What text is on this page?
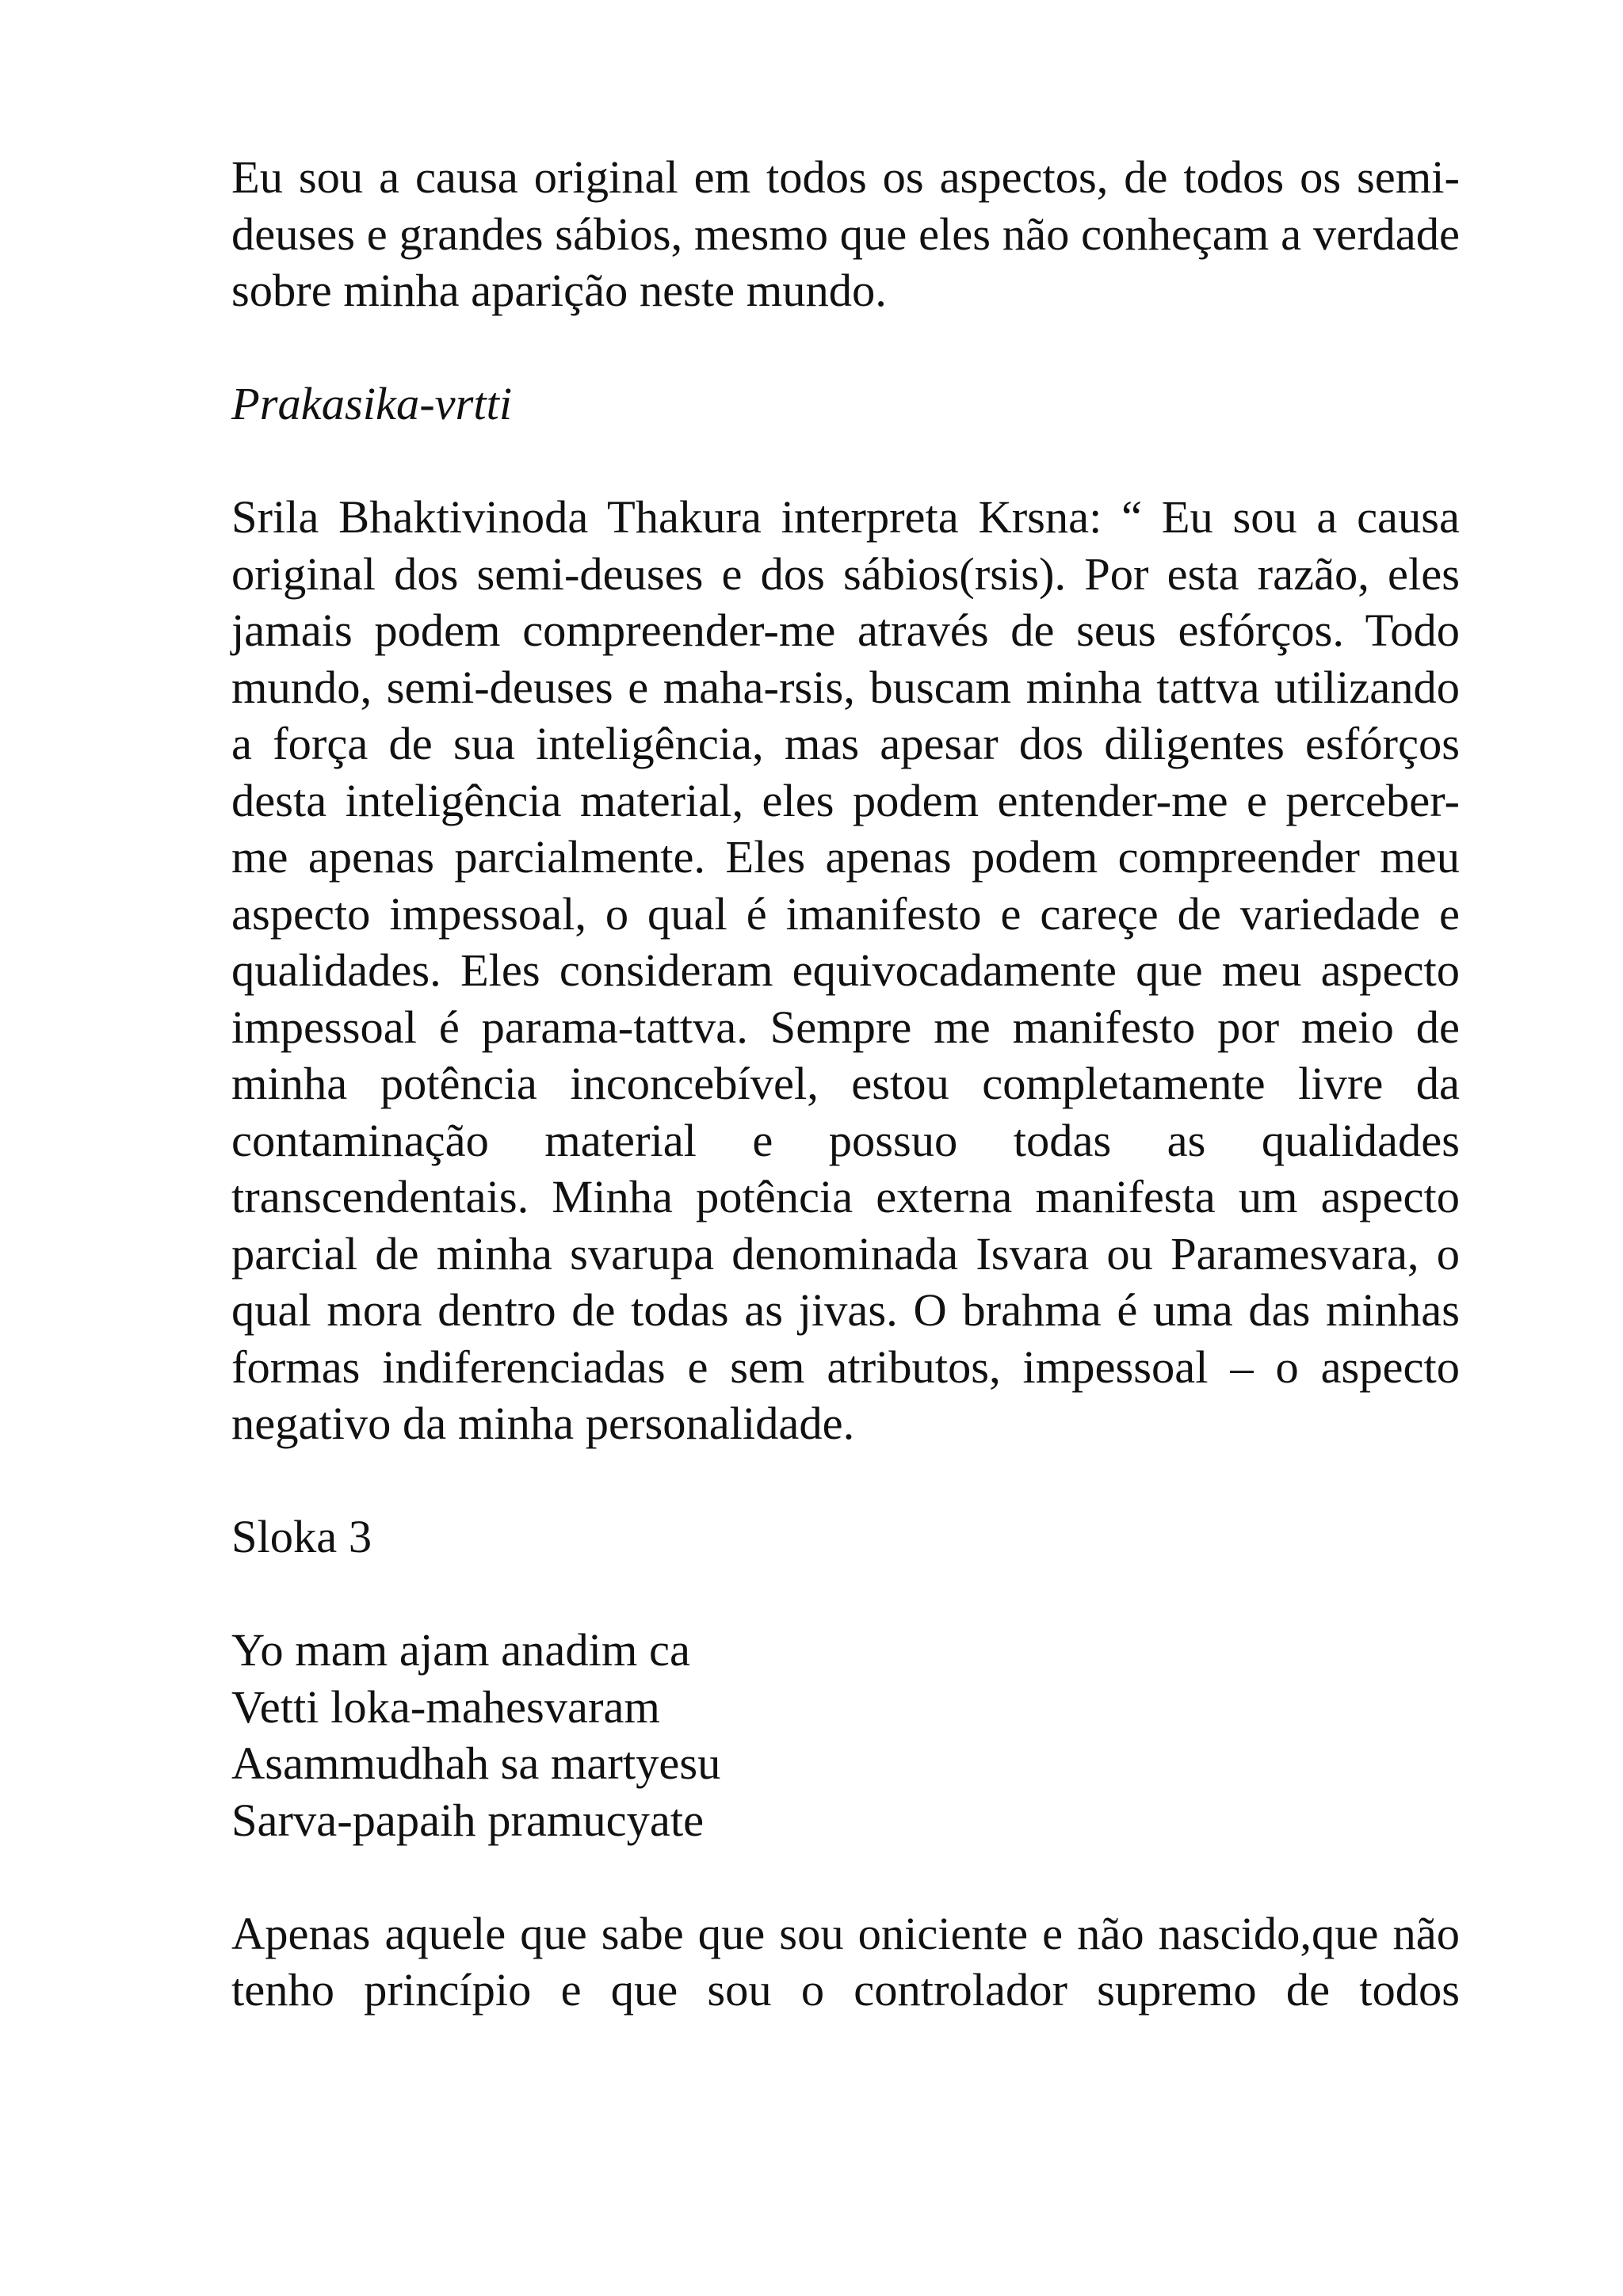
Eu sou a causa original em todos os aspectos, de todos os semi-deuses e grandes sábios, mesmo que eles não conheçam a verdade sobre minha aparição neste mundo.

Prakasika-vrtti

Srila Bhaktivinoda Thakura interpreta Krsna: “ Eu sou a causa original dos semi-deuses e dos sábios(rsis). Por esta razão, eles jamais podem compreender-me através de seus esfórços. Todo mundo, semi-deuses e maha-rsis, buscam minha tattva utilizando a força de sua inteligência, mas apesar dos diligentes esfórços desta inteligência material, eles podem entender-me e perceber-me apenas parcialmente. Eles apenas podem compreender meu aspecto impessoal, o qual é imanifesto e careçe de variedade e qualidades. Eles consideram equivocadamente que meu aspecto impessoal é parama-tattva. Sempre me manifesto por meio de minha potência inconcebível, estou completamente livre da contaminação material e possuo todas as qualidades transcendentais. Minha potência externa manifesta um aspecto parcial de minha svarupa denominada Isvara ou Paramesvara, o qual mora dentro de todas as jivas. O brahma é uma das minhas formas indiferenciadas e sem atributos, impessoal – o aspecto negativo da minha personalidade.

Sloka 3

Yo mam ajam anadim ca
Vetti loka-mahesvaram
Asammudhah sa martyesu
Sarva-papaih pramucyate

Apenas aquele que sabe que sou oniciente e não nascido,que não tenho princípio e que sou o controlador supremo de todos
